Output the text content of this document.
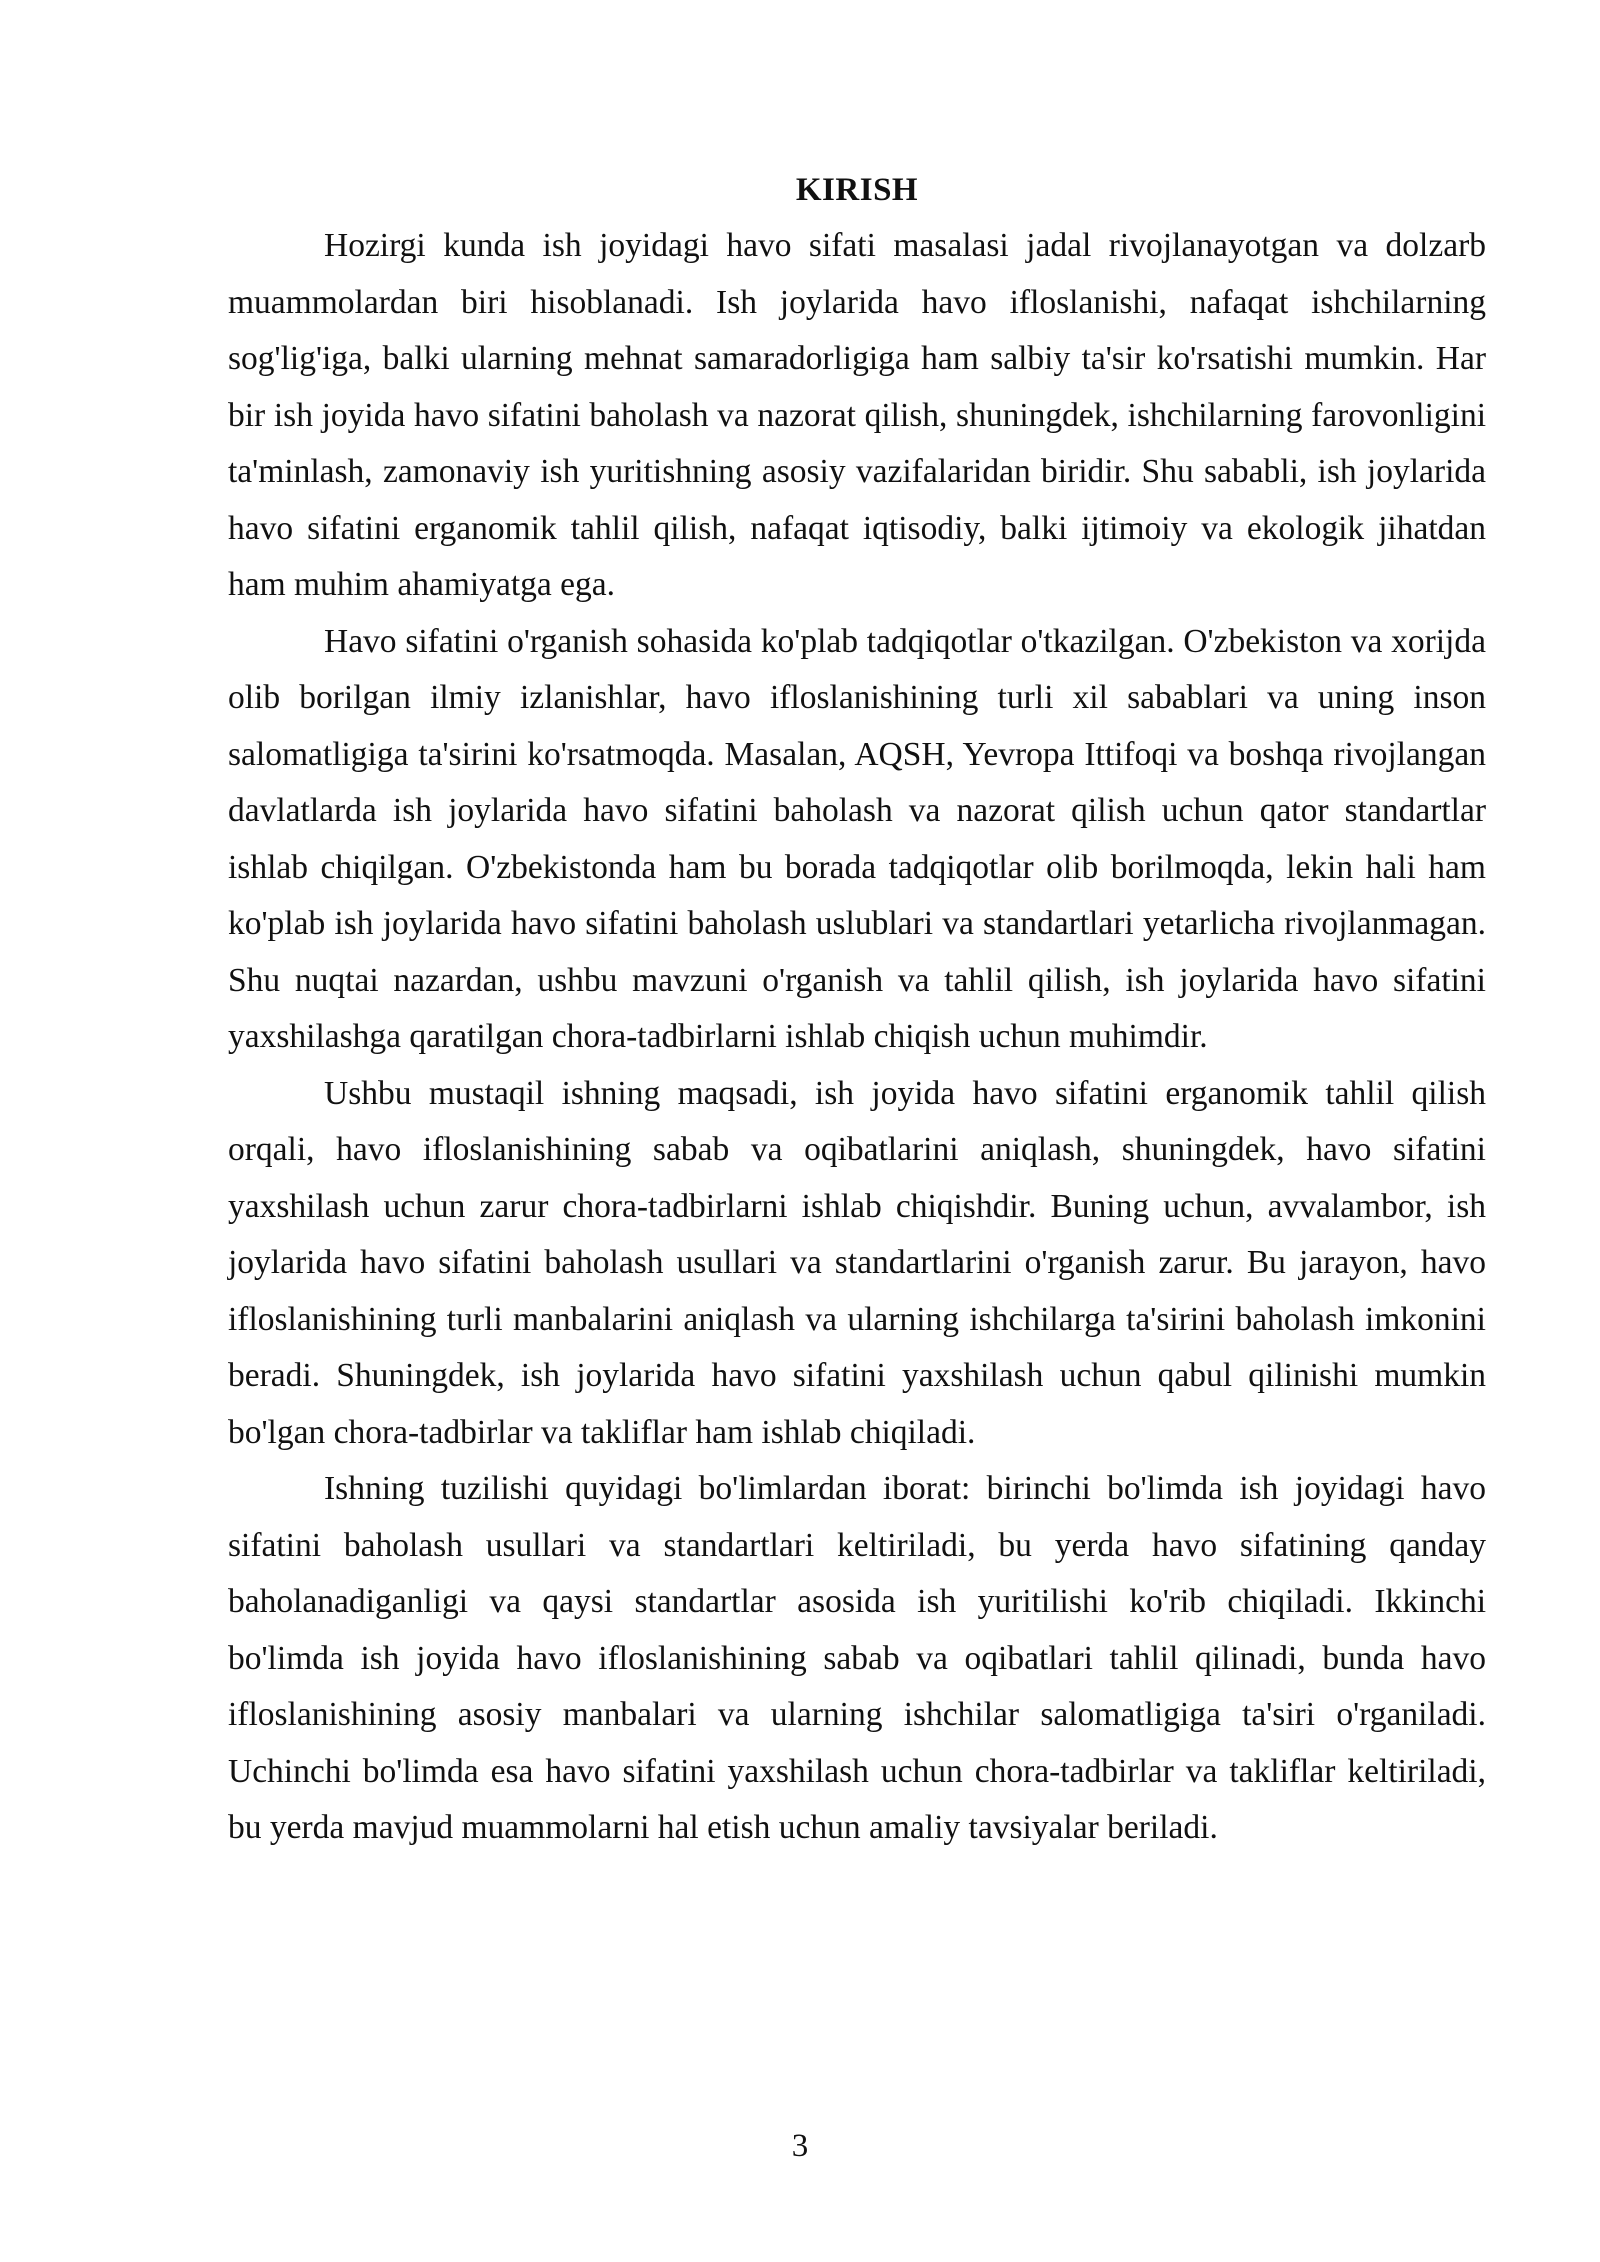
KIRISH

Hozirgi kunda ish joyidagi havo sifati masalasi jadal rivojlanayotgan va dolzarb muammolardan biri hisoblanadi. Ish joylarida havo ifloslanishi, nafaqat ishchilarning sog'lig'iga, balki ularning mehnat samaradorligiga ham salbiy ta'sir ko'rsatishi mumkin. Har bir ish joyida havo sifatini baholash va nazorat qilish, shuningdek, ishchilarning farovonligini ta'minlash, zamonaviy ish yuritishning asosiy vazifalaridan biridir. Shu sababli, ish joylarida havo sifatini erganomik tahlil qilish, nafaqat iqtisodiy, balki ijtimoiy va ekologik jihatdan ham muhim ahamiyatga ega.

Havo sifatini o'rganish sohasida ko'plab tadqiqotlar o'tkazilgan. O'zbekiston va xorijda olib borilgan ilmiy izlanishlar, havo ifloslanishining turli xil sabablari va uning inson salomatligiga ta'sirini ko'rsatmoqda. Masalan, AQSH, Yevropa Ittifoqi va boshqa rivojlangan davlatlarda ish joylarida havo sifatini baholash va nazorat qilish uchun qator standartlar ishlab chiqilgan. O'zbekistonda ham bu borada tadqiqotlar olib borilmoqda, lekin hali ham ko'plab ish joylarida havo sifatini baholash uslublari va standartlari yetarlicha rivojlanmagan. Shu nuqtai nazardan, ushbu mavzuni o'rganish va tahlil qilish, ish joylarida havo sifatini yaxshilashga qaratilgan chora-tadbirlarni ishlab chiqish uchun muhimdir.

Ushbu mustaqil ishning maqsadi, ish joyida havo sifatini erganomik tahlil qilish orqali, havo ifloslanishining sabab va oqibatlarini aniqlash, shuningdek, havo sifatini yaxshilash uchun zarur chora-tadbirlarni ishlab chiqishdir. Buning uchun, avvalambor, ish joylarida havo sifatini baholash usullari va standartlarini o'rganish zarur. Bu jarayon, havo ifloslanishining turli manbalarini aniqlash va ularning ishchilarga ta'sirini baholash imkonini beradi. Shuningdek, ish joylarida havo sifatini yaxshilash uchun qabul qilinishi mumkin bo'lgan chora-tadbirlar va takliflar ham ishlab chiqiladi.

Ishning tuzilishi quyidagi bo'limlardan iborat: birinchi bo'limda ish joyidagi havo sifatini baholash usullari va standartlari keltiriladi, bu yerda havo sifatining qanday baholanadiganligi va qaysi standartlar asosida ish yuritilishi ko'rib chiqiladi. Ikkinchi bo'limda ish joyida havo ifloslanishining sabab va oqibatlari tahlil qilinadi, bunda havo ifloslanishining asosiy manbalari va ularning ishchilar salomatligiga ta'siri o'rganiladi. Uchinchi bo'limda esa havo sifatini yaxshilash uchun chora-tadbirlar va takliflar keltiriladi, bu yerda mavjud muammolarni hal etish uchun amaliy tavsiyalar beriladi.

3
